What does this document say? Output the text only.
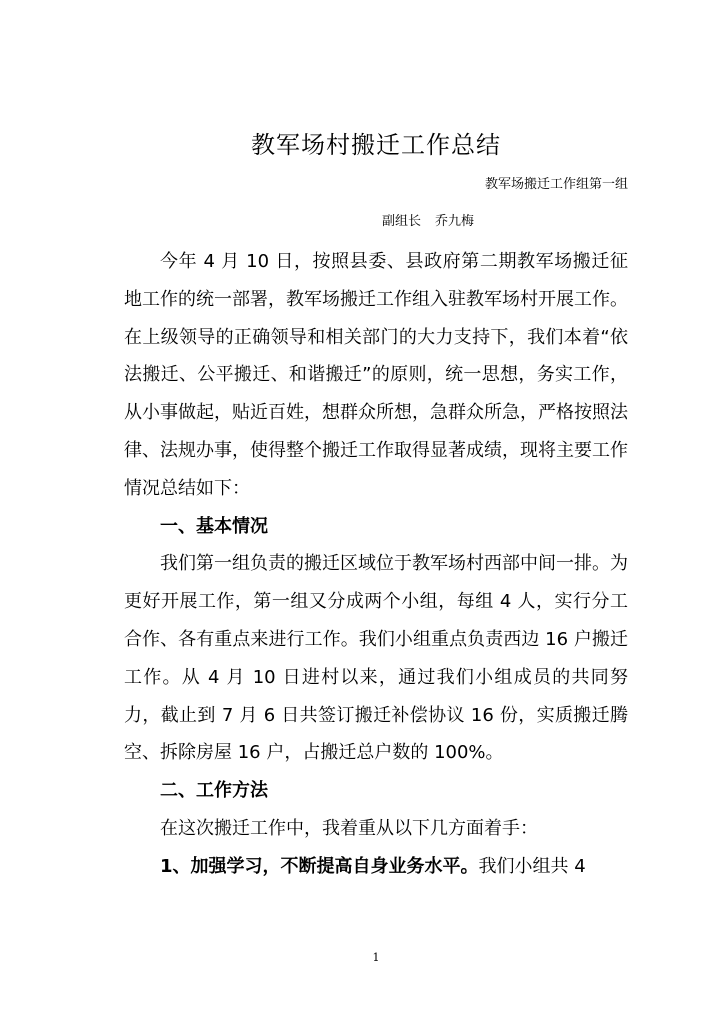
教军场村搬迁工作总结
教军场搬迁工作组第一组
副组长 乔九梅

今年 4 月 10 日，按照县委、县政府第二期教军场搬迁征地工作的统一部署，教军场搬迁工作组入驻教军场村开展工作。在上级领导的正确领导和相关部门的大力支持下，我们本着“依法搬迁、公平搬迁、和谐搬迁”的原则，统一思想，务实工作，从小事做起，贴近百姓，想群众所想，急群众所急，严格按照法律、法规办事，使得整个搬迁工作取得显著成绩，现将主要工作情况总结如下：

一、基本情况

我们第一组负责的搬迁区域位于教军场村西部中间一排。为更好开展工作，第一组又分成两个小组，每组 4 人，实行分工合作、各有重点来进行工作。我们小组重点负责西边 16 户搬迁工作。从 4 月 10 日进村以来，通过我们小组成员的共同努力，截止到 7 月 6 日共签订搬迁补偿协议 16 份，实质搬迁腾空、拆除房屋 16 户，占搬迁总户数的 100%。

二、工作方法

在这次搬迁工作中，我着重从以下几方面着手：

1、加强学习，不断提高自身业务水平。我们小组共 4

1
